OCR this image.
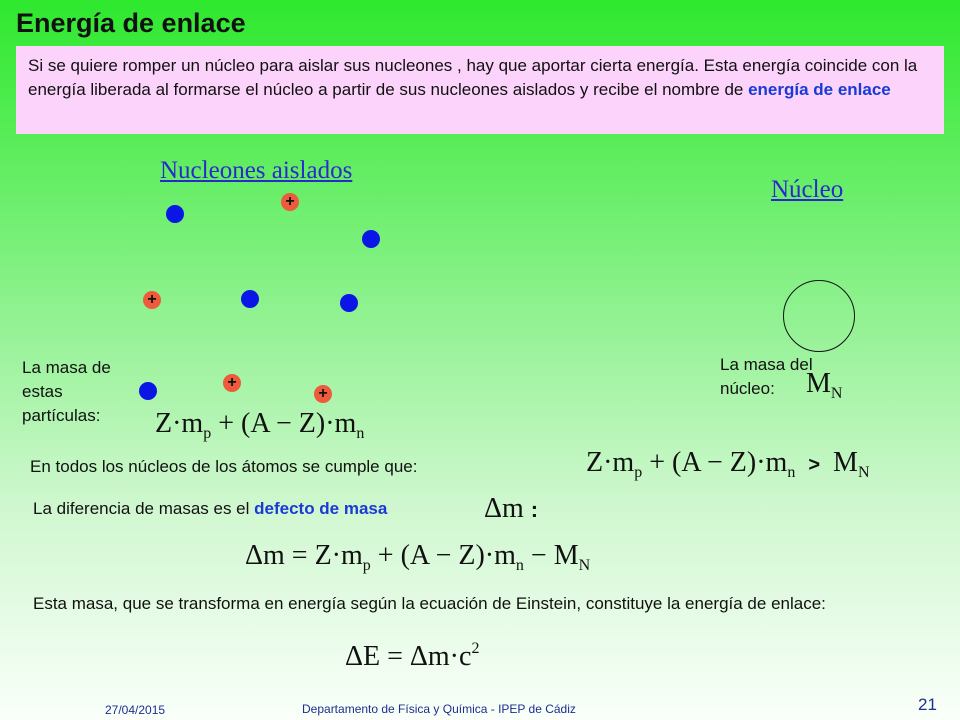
Energía de enlace
Si se quiere romper un núcleo para aislar sus nucleones , hay que aportar cierta energía. Esta energía coincide con la energía liberada al formarse el núcleo a partir de sus nucleones aislados y recibe el nombre de energía de enlace
Nucleones aislados
Núcleo
+
+
+
+
La masa de estas partículas:	$Z\cdot m_p + (A - Z)\cdot m_n$
La masa del núcleo:	$M_N$
En todos los núcleos de los átomos se cumple que:	$Z\cdot m_p + (A - Z)\cdot m_n > M_N$
La diferencia de masas es el defecto de masa	Δm :
$\Delta m = Z\cdot m_p + (A - Z)\cdot m_n - M_N$
Esta masa, que se transforma en energía según la ecuación de Einstein, constituye la energía de enlace:
$\Delta E = \Delta m\cdot c^2$
27/04/2015	Departamento de Física y Química - IPEP de Cádiz	21
